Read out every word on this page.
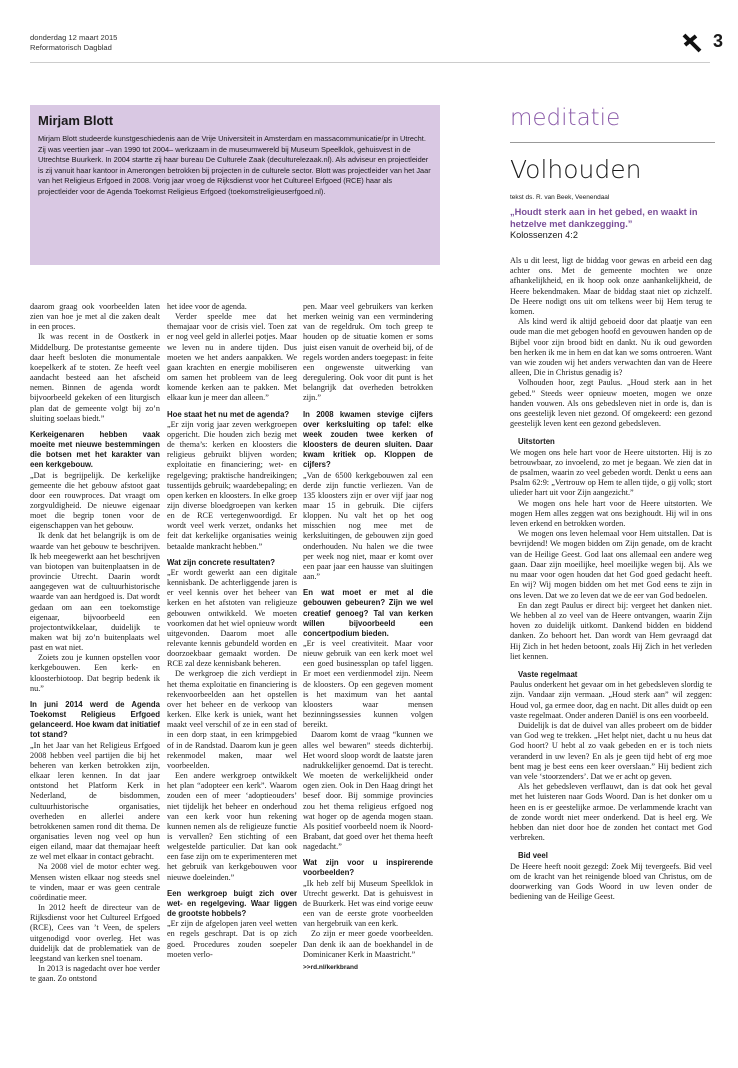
donderdag 12 maart 2015
Reformatorisch Dagblad	3
Mirjam Blott

Mirjam Blott studeerde kunstgeschiedenis aan de Vrije Universiteit in Amsterdam en massacommunicatie/pr in Utrecht. Zij was veertien jaar –van 1990 tot 2004– werkzaam in de museumwereld bij Museum Speelklok, gehuisvest in de Utrechtse Buurkerk. In 2004 startte zij haar bureau De Culturele Zaak (deculturelezaak.nl). Als adviseur en projectleider is zij vanuit haar kantoor in Amerongen betrokken bij projecten in de culturele sector. Blott was projectleider van het Jaar van het Religieus Erfgoed in 2008. Vorig jaar vroeg de Rijksdienst voor het Cultureel Erfgoed (RCE) haar als projectleider voor de Agenda Toekomst Religieus Erfgoed (toekomstreligieuserfgoed.nl).

daarom graag ook voorbeelden laten zien van hoe je met al die zaken dealt in een proces.

Ik was recent in de Oostkerk in Middelburg. De protestantse gemeente daar heeft besloten die monumentale koepelkerk af te stoten. Ze heeft veel aandacht besteed aan het afscheid nemen. Binnen de agenda wordt bijvoorbeeld gekeken of een liturgisch plan dat de gemeente volgt bij zo’n sluiting soelaas biedt.”

Kerkeigenaren hebben vaak moeite met nieuwe bestemmingen die botsen met het karakter van een kerkgebouw.

„Dat is begrijpelijk. De kerkelijke gemeente die het gebouw afstoot gaat door een rouwproces. Dat vraagt om zorgvuldigheid. De nieuwe eigenaar moet die begrip tonen voor de eigenschappen van het gebouw.

Ik denk dat het belangrijk is om de waarde van het gebouw te beschrijven. Ik heb meegewerkt aan het beschrijven van biotopen van buitenplaatsen in de provincie Utrecht. Daarin wordt aangegeven wat de cultuurhistorische waarde van aan herdgoed is. Dat wordt gedaan om aan een toekomstige eigenaar, bijvoorbeeld een projectontwikkelaar, duidelijk te maken wat bij zo’n buitenplaats wel past en wat niet.

Zoiets zou je kunnen opstellen voor kerkgebouwen. Een kerk- en kloosterbiotoop. Dat begrip bedenk ik nu.”

In juni 2014 werd de Agenda Toekomst Religieus Erfgoed gelanceerd. Hoe kwam dat initiatief tot stand?

„In het Jaar van het Religieus Erfgoed 2008 hebben veel partijen die bij het beheren van kerken betrokken zijn, elkaar leren kennen. In dat jaar ontstond het Platform Kerk in Nederland, de bisdommen, cultuurhistorische organisaties, overheden en allerlei andere betrokkenen samen rond dit thema. De organisaties leven nog veel op hun eigen eiland, maar dat themajaar heeft ze wel met elkaar in contact gebracht.

Na 2008 viel de motor echter weg. Mensen wisten elkaar nog steeds snel te vinden, maar er was geen centrale coördinatie meer.

In 2012 heeft de directeur van de Rijksdienst voor het Cultureel Erfgoed (RCE), Cees van ’t Veen, de spelers uitgenodigd voor overleg. Het was duidelijk dat de problematiek van de leegstand van kerken snel toenam.

In 2013 is nagedacht over hoe verder te gaan. Zo ontstond

het idee voor de agenda.

Verder speelde mee dat het themajaar voor de crisis viel. Toen zat er nog veel geld in allerlei potjes. Maar we leven nu in andere tijden. Dus moeten we het anders aanpakken. We gaan krachten en energie mobiliseren om samen het probleem van de leeg komende kerken aan te pakken. Met elkaar kun je meer dan alleen.”

Hoe staat het nu met de agenda?

„Er zijn vorig jaar zeven werkgroepen opgericht. Die houden zich bezig met de thema’s: kerken en kloosters die religieus gebruikt blijven worden; exploitatie en financiering; wet- en regelgeving; praktische handreikingen; tussentijds gebruik; waardebepaling; en open kerken en kloosters. In elke groep zijn diverse bloedgroepen van kerken en de RCE vertegenwoordigd. Er wordt veel werk verzet, ondanks het feit dat kerkelijke organisaties weinig betaalde mankracht hebben.”

Wat zijn concrete resultaten?

„Er wordt gewerkt aan een digitale kennisbank. De achterliggende jaren is er veel kennis over het beheer van kerken en het afstoten van religieuze gebouwen ontwikkeld. We moeten voorkomen dat het wiel opnieuw wordt uitgevonden. Daarom moet alle relevante kennis gebundeld worden en doorzoekbaar gemaakt worden. De RCE zal deze kennisbank beheren.

De werkgroep die zich verdiept in het thema exploitatie en financiering is rekenvoorbeelden aan het opstellen over het beheer en de verkoop van kerken. Elke kerk is uniek, want het maakt veel verschil of ze in een stad of in een dorp staat, in een krimpgebied of in de Randstad. Daarom kun je geen rekenmodel maken, maar wel voorbeelden.

Een andere werkgroep ontwikkelt het plan “adopteer een kerk”. Waarom zouden een of meer ‘adoptieouders’ niet tijdelijk het beheer en onderhoud van een kerk voor hun rekening kunnen nemen als de religieuze functie is vervallen? Een stichting of een welgestelde particulier. Dat kan ook een fase zijn om te experimenteren met het gebruik van kerkgebouwen voor nieuwe doeleinden.”

Een werkgroep buigt zich over wet- en regelgeving. Waar liggen de grootste hobbels?

„Er zijn de afgelopen jaren veel wetten en regels geschrapt. Dat is op zich goed. Procedures zouden soepeler moeten verlo-

pen. Maar veel gebruikers van kerken merken weinig van een vermindering van de regeldruk. Om toch greep te houden op de situatie komen er soms juist eisen vanuit de overheid bij, of de regels worden anders toegepast: in feite een ongewenste uitwerking van deregulering. Ook voor dit punt is het belangrijk dat overheden betrokken zijn.”

In 2008 kwamen stevige cijfers over kerksluiting op tafel: elke week zouden twee kerken of kloosters de deuren sluiten. Daar kwam kritiek op. Kloppen de cijfers?

„Van de 6500 kerkgebouwen zal een derde zijn functie verliezen. Van de 135 kloosters zijn er over vijf jaar nog maar 15 in gebruik. Die cijfers kloppen. Nu valt het op het oog misschien nog mee met de kerksluitingen, de gebouwen zijn goed onderhouden. Nu halen we die twee per week nog niet, maar er komt over een paar jaar een hausse van sluitingen aan.”

En wat moet er met al die gebouwen gebeuren? Zijn we wel creatief genoeg? Tal van kerken willen bijvoorbeeld een concertpodium bieden.

„Er is veel creativiteit. Maar voor nieuw gebruik van een kerk moet wel een goed businessplan op tafel liggen. Er moet een verdienmodel zijn. Neem de kloosters. Op een gegeven moment is het maximum van het aantal kloosters waar mensen bezinningssessies kunnen volgen bereikt.

Daarom komt de vraag “kunnen we alles wel bewaren” steeds dichterbij. Het woord sloop wordt de laatste jaren nadrukkelijker genoemd. Dat is terecht. We moeten de werkelijkheid onder ogen zien. Ook in Den Haag dringt het besef door. Bij sommige provincies zou het thema religieus erfgoed nog wat hoger op de agenda mogen staan. Als positief voorbeeld noem ik Noord-Brabant, dat goed over het thema heeft nagedacht.”

Wat zijn voor u inspirerende voorbeelden?

„Ik heb zelf bij Museum Speelklok in Utrecht gewerkt. Dat is gehuisvest in de Buurkerk. Het was eind vorige eeuw een van de eerste grote voorbeelden van hergebruik van een kerk.

Zo zijn er meer goede voorbeelden. Dan denk ik aan de boekhandel in de Dominicaner Kerk in Maastricht.”

>>rd.nl/kerkbrand

meditatie
Volhouden
tekst ds. R. van Beek, Veenendaal
„Houdt sterk aan in het gebed, en waakt in hetzelve met dankzegging.”
Kolossenzen 4:2

Als u dit leest, ligt de biddag voor gewas en arbeid een dag achter ons. Met de gemeente mochten we onze afhankelijkheid, en ik hoop ook onze aanhankelijkheid, de Heere bekendmaken. Maar de biddag staat niet op zichzelf. De Heere nodigt ons uit om telkens weer bij Hem terug te komen.

Als kind werd ik altijd geboeid door dat plaatje van een oude man die met gebogen hoofd en gevouwen handen op de Bijbel voor zijn brood bidt en dankt. Nu ik oud geworden ben herken ik me in hem en dat kan we soms ontroeren. Want van wie zouden wij het anders verwachten dan van de Heere alleen, Die in Christus genadig is?

Volhouden hoor, zegt Paulus. „Houd sterk aan in het gebed.” Steeds weer opnieuw moeten, mogen we onze handen vouwen. Als ons gebedsleven niet in orde is, dan is ons geestelijk leven niet gezond. Of omgekeerd: een gezond geestelijk leven kent een gezond gebedsleven.

Uitstorten

We mogen ons hele hart voor de Heere uitstorten. Hij is zo betrouwbaar, zo invoelend, zo met je begaan. We zien dat in de psalmen, waarin zo veel gebeden wordt. Denkt u eens aan Psalm 62:9: „Vertrouw op Hem te allen tijde, o gij volk; stort ulieder hart uit voor Zijn aangezicht.”

We mogen ons hele hart voor de Heere uitstorten. We mogen Hem alles zeggen wat ons bezighoudt. Hij wil in ons leven erkend en betrokken worden.

We mogen ons leven helemaal voor Hem uitstallen. Dat is bevrijdend! We mogen bidden om Zijn genade, om de kracht van de Heilige Geest. God laat ons allemaal een andere weg gaan. Daar zijn moeilijke, heel moeilijke wegen bij. Als we nu maar voor ogen houden dat het God goed gedacht heeft. En wij? Wij mogen bidden om het met God eens te zijn in ons leven. Dat we zo leven dat we de eer van God bedoelen.

En dan zegt Paulus er direct bij: vergeet het danken niet. We hebben al zo veel van de Heere ontvangen, waarin Zijn hoven zo duidelijk uitkomt. Dankend bidden en biddend danken. Zo behoort het. Dan wordt van Hem gevraagd dat Hij Zich in het heden betoont, zoals Hij Zich in het verleden liet kennen.

Vaste regelmaat

Paulus onderkent het gevaar om in het gebedsleven slordig te zijn. Vandaar zijn vermaan. „Houd sterk aan” wil zeggen: Houd vol, ga ermee door, dag en nacht. Dit alles duidt op een vaste regelmaat. Onder anderen Daniël is ons een voorbeeld.

Duidelijk is dat de duivel van alles probeert om de bidder van God weg te trekken. „Het helpt niet, dacht u nu heus dat God hoort? U hebt al zo vaak gebeden en er is toch niets veranderd in uw leven? En als je geen tijd hebt of erg moe bent mag je best eens een keer overslaan.” Hij bedient zich van vele ‘stoorzenders’. Dat we er acht op geven.

Als het gebedsleven verflauwt, dan is dat ook het geval met het luisteren naar Gods Woord. Dan is het donker om u heen en is er geestelijke armoe. De verlammende kracht van de zonde wordt niet meer onderkend. Dat is heel erg. We hebben dan niet door hoe de zonden het contact met God verbreken.

Bid veel

De Heere heeft nooit gezegd: Zoek Mij tevergeefs. Bid veel om de kracht van het reinigende bloed van Christus, om de doorwerking van Gods Woord in uw leven onder de bediening van de Heilige Geest.
